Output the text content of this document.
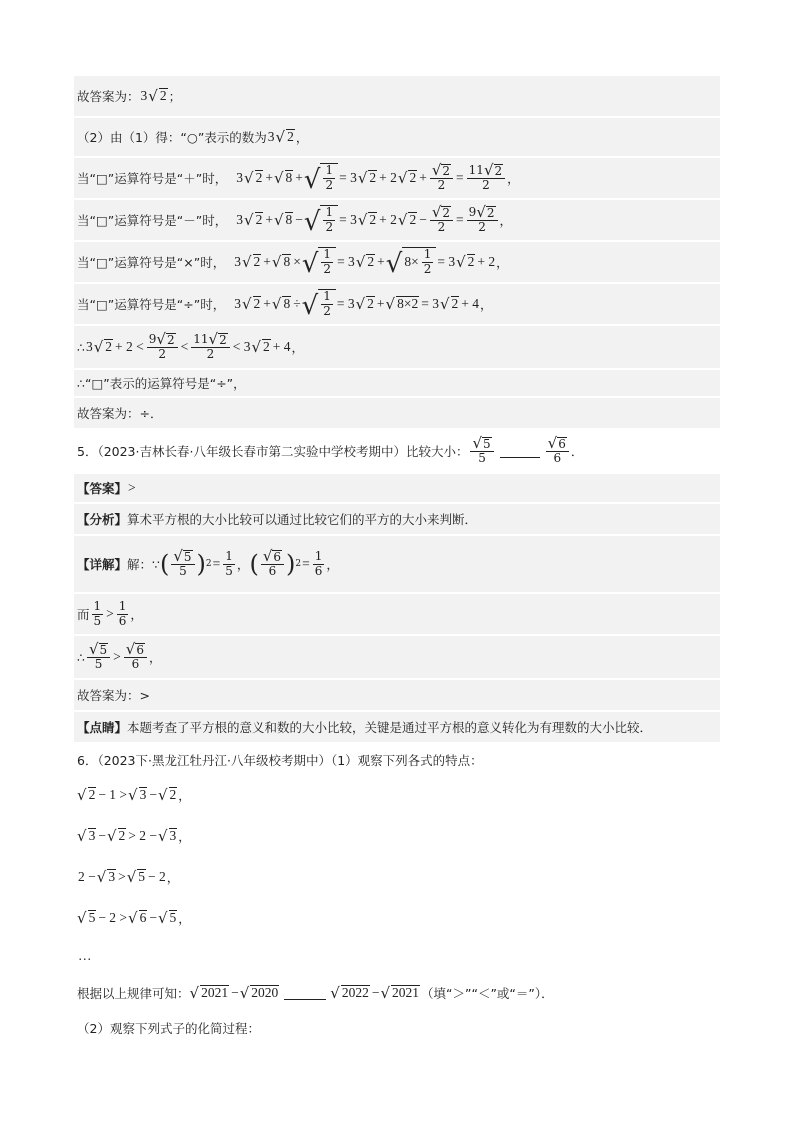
故答案为： 3 √ 2 ；
（2）由（1）得：“ ○ ”表示的数为 3 √ 2 ，
当“ □ ”运算符号是“ ＋ ”时， 3 √ 2 + √ 8 + √ $\frac{1}{2} = 3$ √ 2 + 2 √ $2 + \frac{√ 2}{2} = \frac{11 √ 2}{2}$ ，
当“ □ ”运算符号是“ － ”时， 3 √ 2 + √ 8 − √ $\frac{1}{2} = 3$ √ 2 + 2 √ $2 - \frac{√ 2}{2} = \frac{9 √ 2}{2}$ ，
当“ □ ”运算符号是“ × ”时， 3 √ 2 + √ 8 × √ $\frac{1}{2} = 3$ √ 2 + √ $8\times \frac{1}{2} = 3$ √ 2 + 2 ，
当“ □ ”运算符号是“ ÷ ”时， 3 √ 2 + √ 8 ÷ √ $\frac{1}{2} = 3$ √ 2 + √ 8×2 = 3 √ 2 + 4 ，
∴ 3 √ $2 + 2 < \frac{9 √ 2}{2} < \frac{11 √ 2}{2} < 3$ √ 2 + 4 ，
∴“ □ ”表示的运算符号是“÷”，
故答案为：÷．
5．（2023·吉林长春·八年级长春市第二实验中学校考期中）比较大小： $\frac{√ 5}{5}$	$\frac{√ 6}{6}$ ．
【答案】 >
【分析】 算术平方根的大小比较可以通过比较它们的平方的大小来判断．
【详解】 解：∵ ( $\frac{√ 5}{5}$ ) $2 = \frac{1}{5}$ ， ( $\frac{√ 6}{6}$ ) $2 = \frac{1}{6}$ ，
而 $\frac{1}{5} > \frac{1}{6}$ ，
∴ $\frac{√ 5}{5} > \frac{√ 6}{6}$ ，
故答案为：>
【点睛】 本题考查了平方根的意义和数的大小比较，关键是通过平方根的意义转化为有理数的大小比较．
6．（2023下·黑龙江牡丹江·八年级校考期中）（1）观察下列各式的特点：
√ 2 − 1 > √ 3 − √ 2 ，
√ 3 − √ 2 > 2 − √ 3 ，
2 − √ 3 > √ 5 − 2 ，
√ 5 − 2 > √ 6 − √ 5 ，
…
根据以上规律可知： √ 2021 − √ 2020	√ 2022 − √ 2021 （填“＞”“＜”或“＝”）．
（2）观察下列式子的化简过程：
